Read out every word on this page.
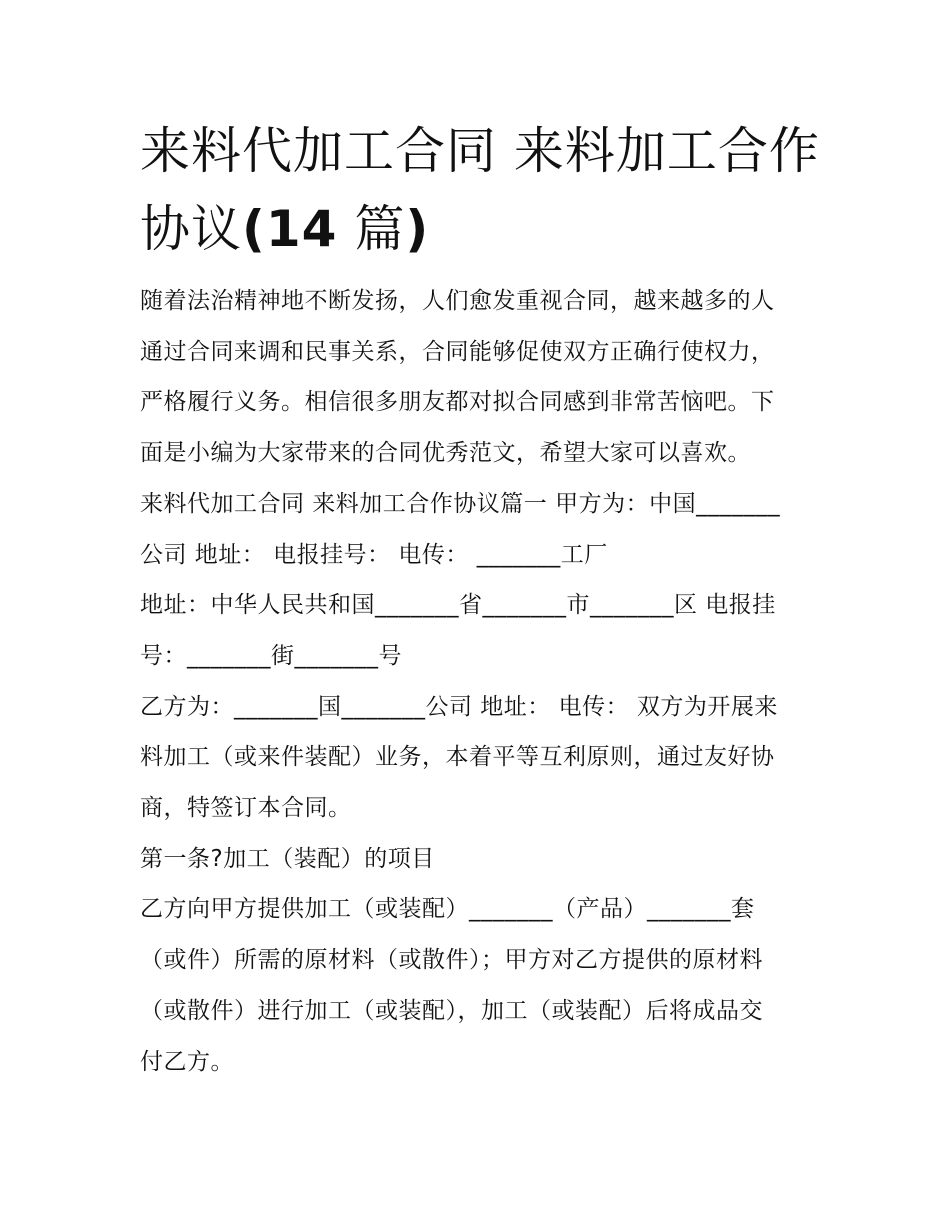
来料代加工合同 来料加工合作
协议(14 篇)
随着法治精神地不断发扬，人们愈发重视合同，越来越多的人
通过合同来调和民事关系，合同能够促使双方正确行使权力，
严格履行义务。相信很多朋友都对拟合同感到非常苦恼吧。下
面是小编为大家带来的合同优秀范文，希望大家可以喜欢。
来料代加工合同 来料加工合作协议篇一 甲方为：中国_______
公司 地址： 电报挂号： 电传： _______工厂
地址：中华人民共和国_______省_______市_______区 电报挂
号：_______街_______号
乙方为：_______国_______公司 地址： 电传： 双方为开展来
料加工（或来件装配）业务，本着平等互利原则，通过友好协
商，特签订本合同。
第一条?加工（装配）的项目
乙方向甲方提供加工（或装配）_______（产品）_______套
（或件）所需的原材料（或散件）；甲方对乙方提供的原材料
（或散件）进行加工（或装配），加工（或装配）后将成品交
付乙方。
